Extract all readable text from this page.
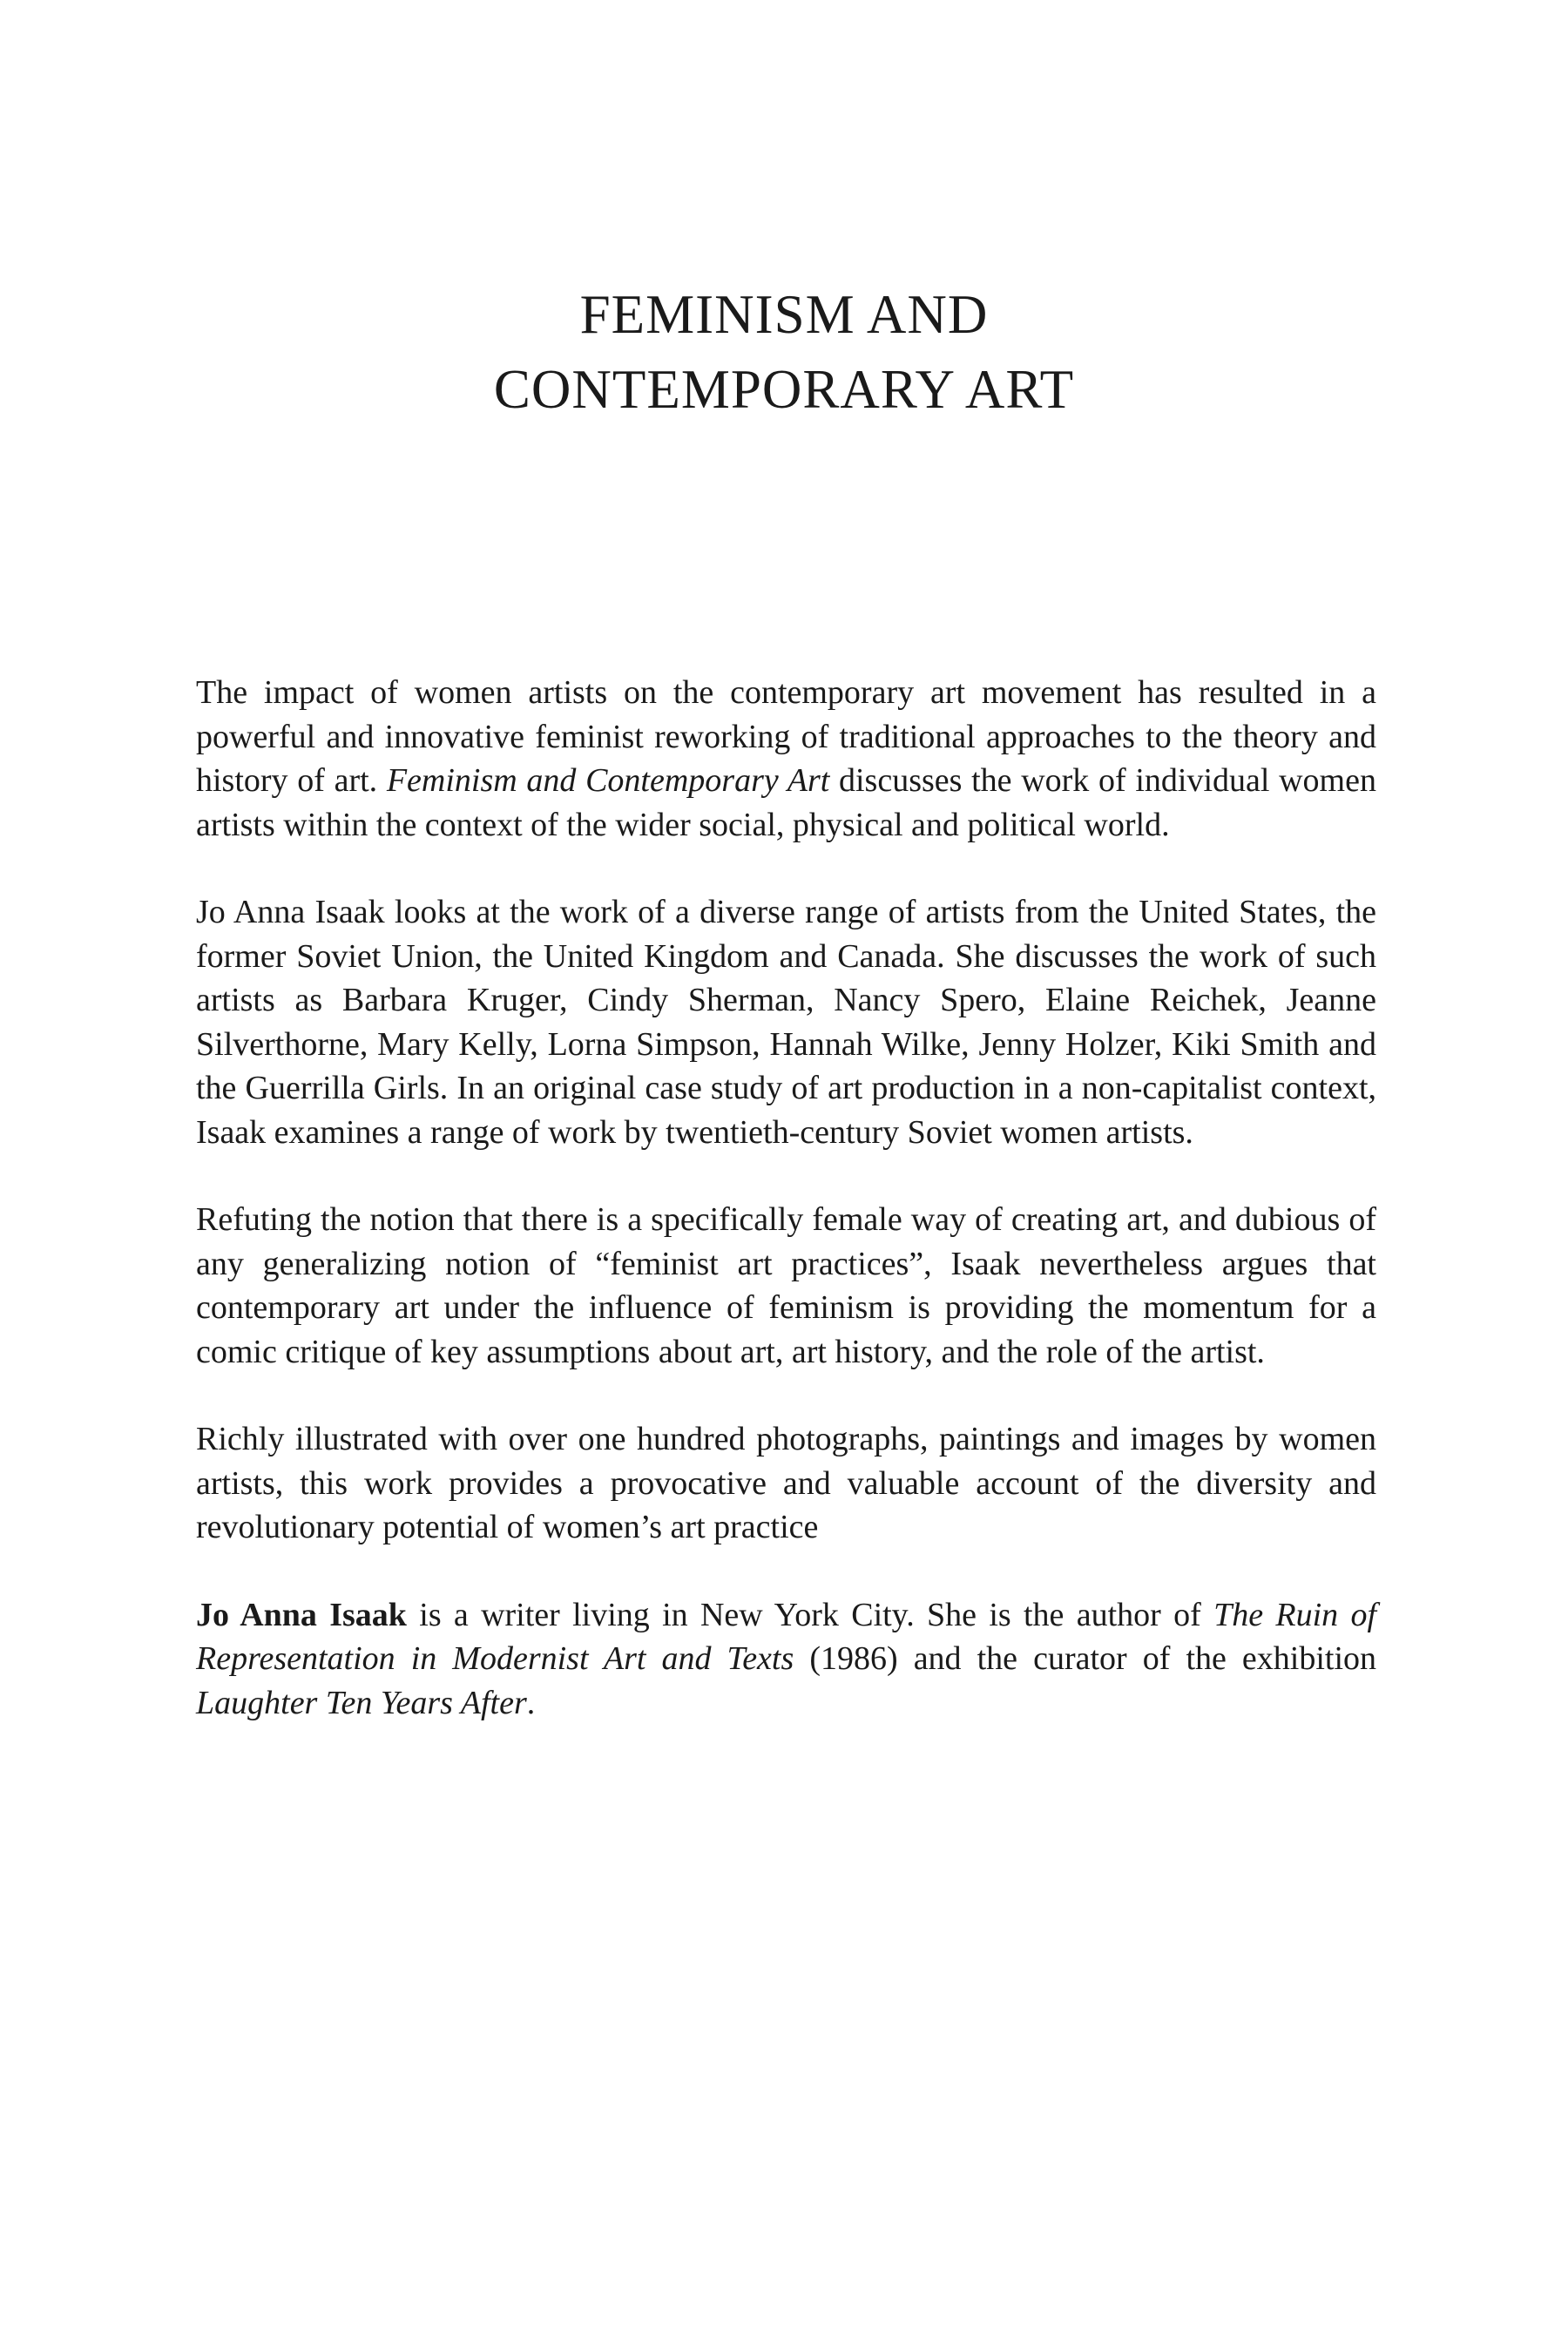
FEMINISM AND
CONTEMPORARY ART

The impact of women artists on the contemporary art movement has resulted in a powerful and innovative feminist reworking of traditional approaches to the theory and history of art. Feminism and Contemporary Art discusses the work of individual women artists within the context of the wider social, physical and political world.

Jo Anna Isaak looks at the work of a diverse range of artists from the United States, the former Soviet Union, the United Kingdom and Canada. She discusses the work of such artists as Barbara Kruger, Cindy Sherman, Nancy Spero, Elaine Reichek, Jeanne Silverthorne, Mary Kelly, Lorna Simpson, Hannah Wilke, Jenny Holzer, Kiki Smith and the Guerrilla Girls. In an original case study of art production in a non-capitalist context, Isaak examines a range of work by twentieth-century Soviet women artists.

Refuting the notion that there is a specifically female way of creating art, and dubious of any generalizing notion of “feminist art practices”, Isaak nevertheless argues that contemporary art under the influence of feminism is providing the momentum for a comic critique of key assumptions about art, art history, and the role of the artist.

Richly illustrated with over one hundred photographs, paintings and images by women artists, this work provides a provocative and valuable account of the diversity and revolutionary potential of women’s art practice

Jo Anna Isaak is a writer living in New York City. She is the author of The Ruin of Representation in Modernist Art and Texts (1986) and the curator of the exhibition Laughter Ten Years After.
